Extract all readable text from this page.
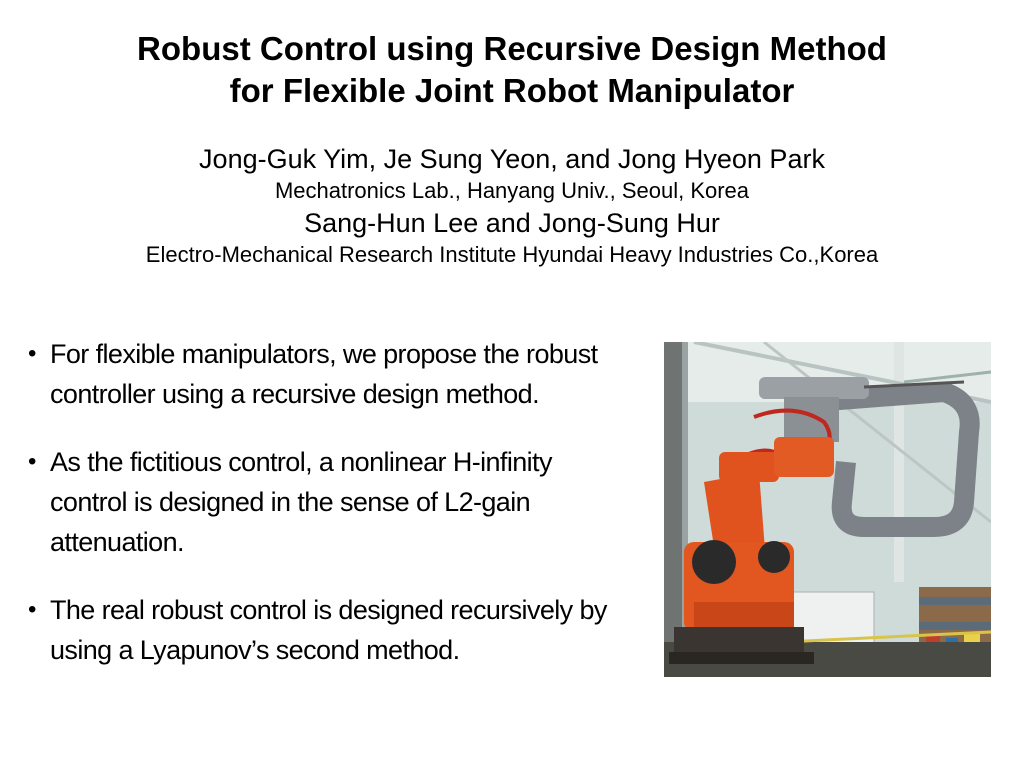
Robust Control using Recursive Design Method
for Flexible Joint Robot Manipulator
Jong-Guk Yim, Je Sung Yeon, and Jong Hyeon Park
Mechatronics Lab., Hanyang Univ., Seoul, Korea
Sang-Hun Lee and Jong-Sung Hur
Electro-Mechanical Research Institute Hyundai Heavy Industries Co.,Korea
• For flexible manipulators, we propose the robust controller using a recursive design method.
• As the fictitious control, a nonlinear H-infinity control is designed in the sense of L2-gain attenuation.
• The real robust control is designed recursively by using a Lyapunov’s second method.
